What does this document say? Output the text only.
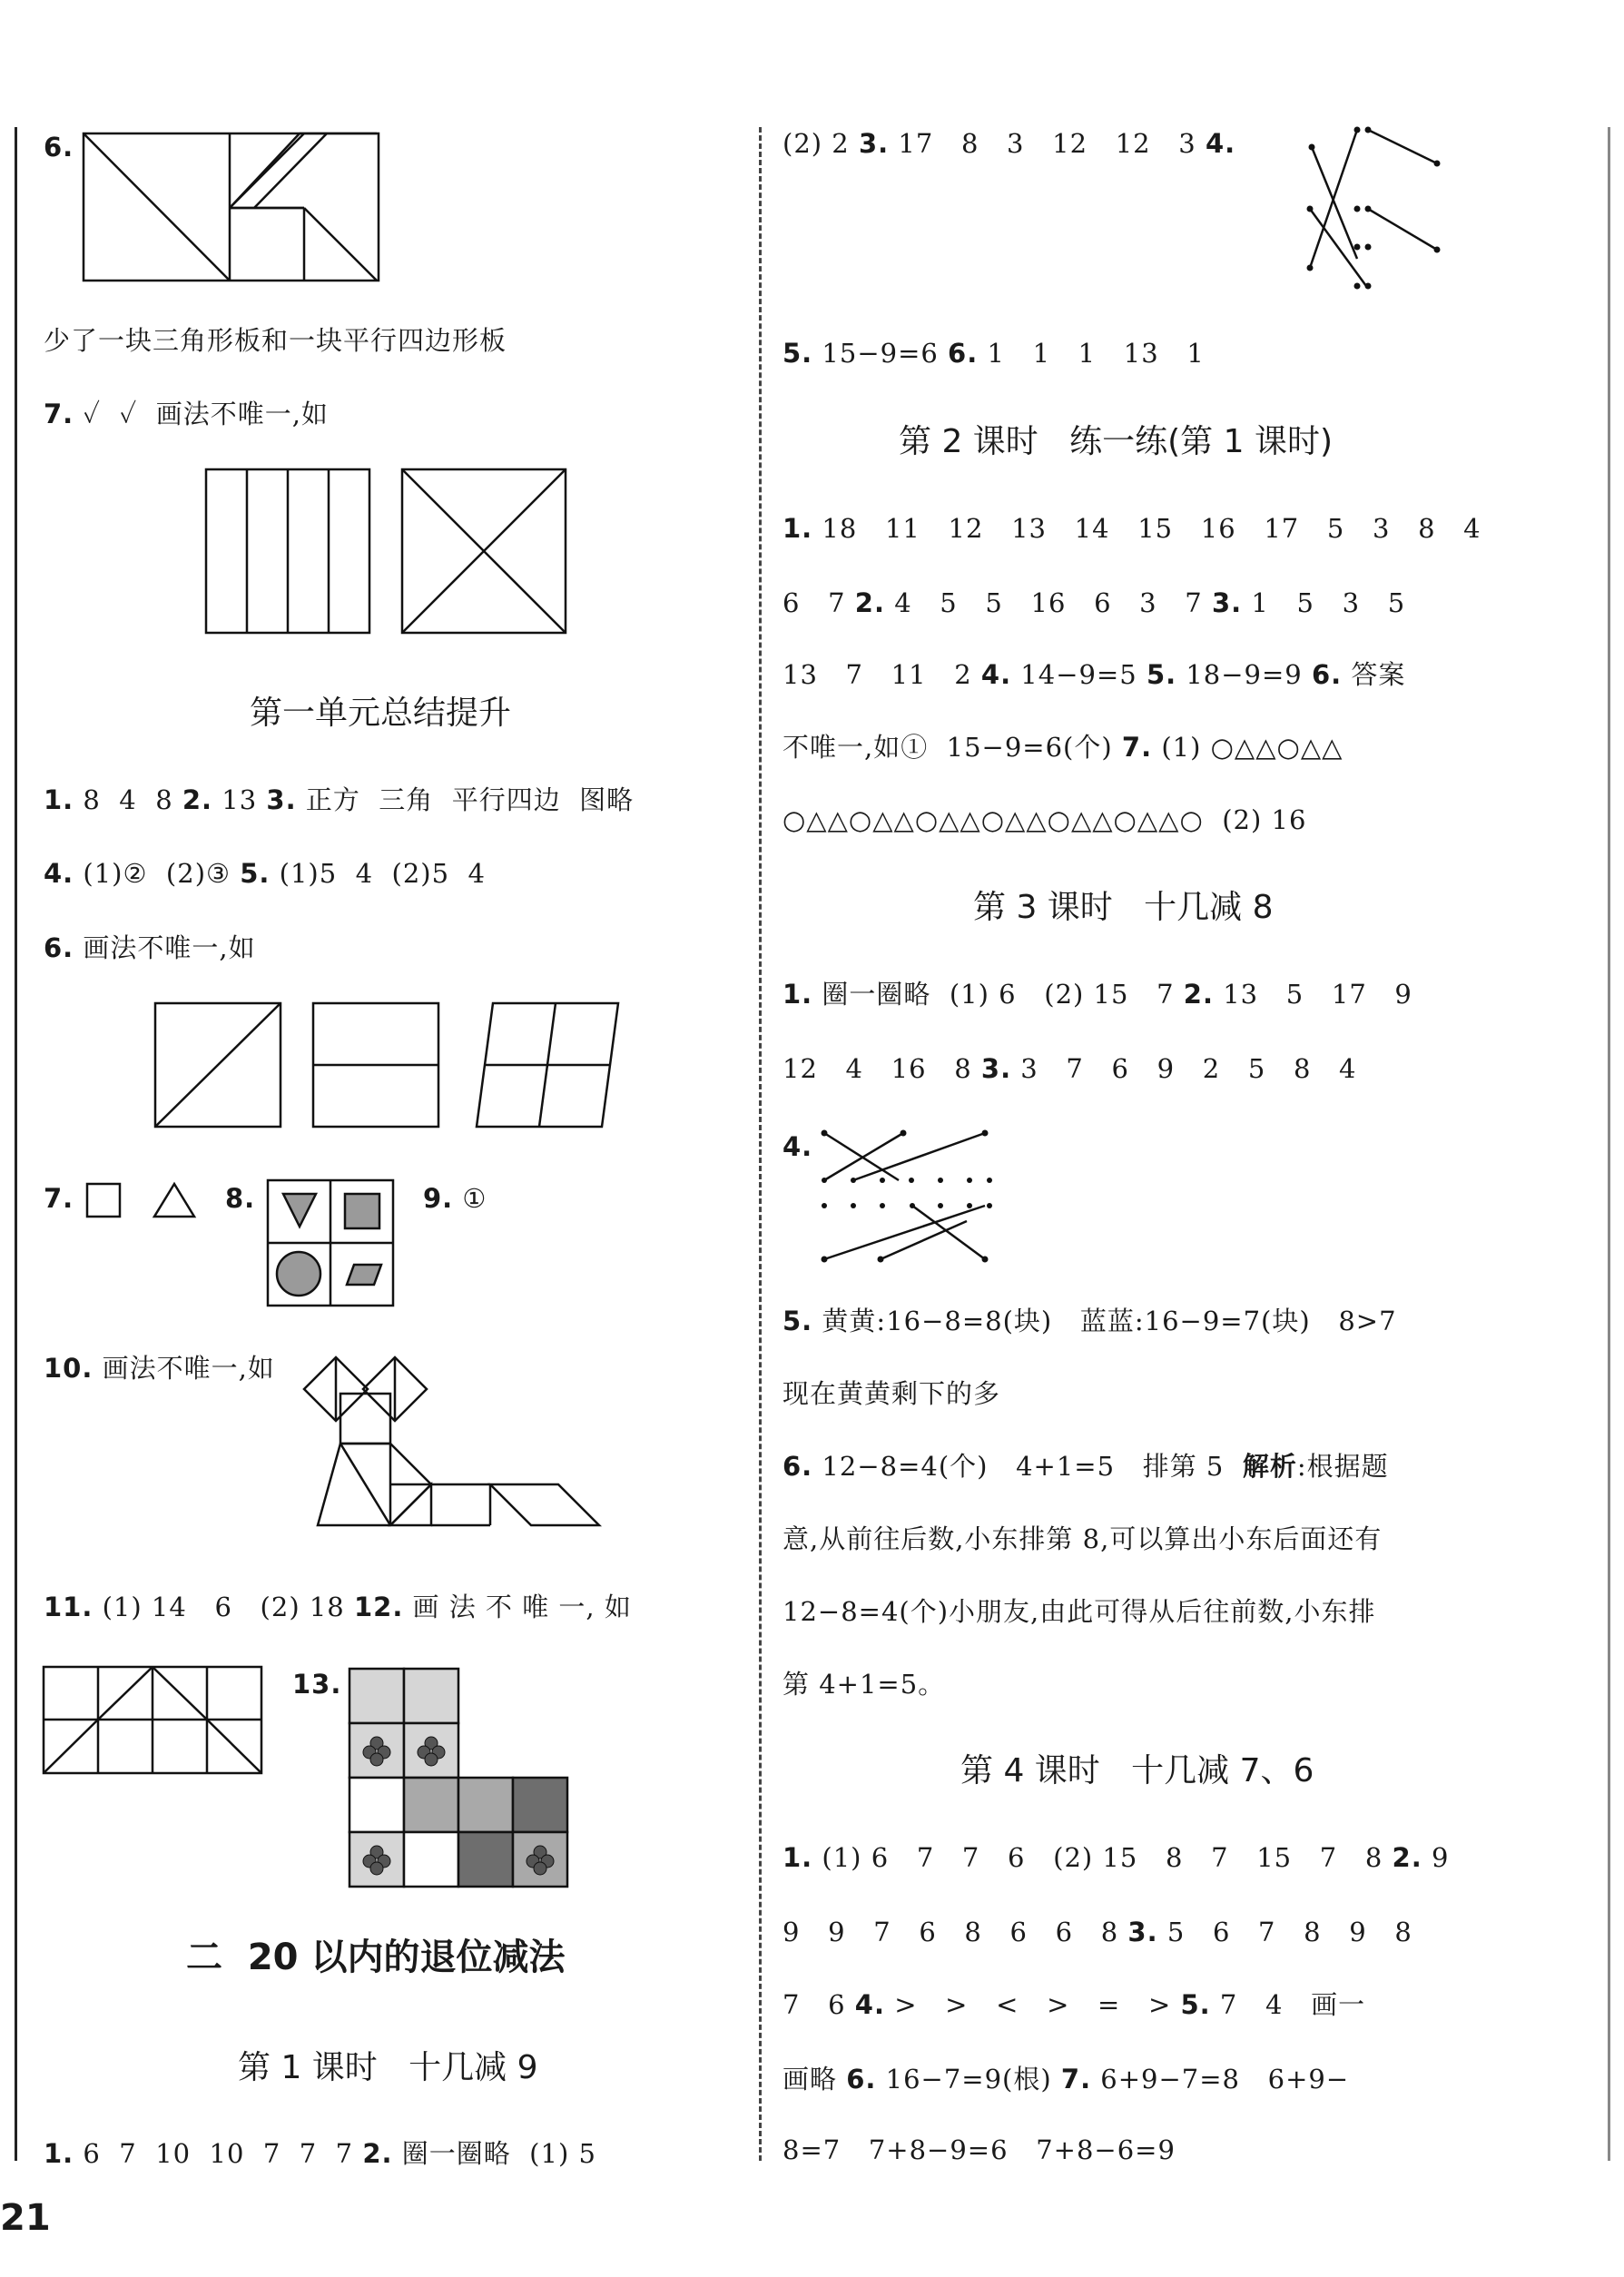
6.
少了一块三角形板和一块平行四边形板
7. ✓  ✓  画法不唯一,如
第一单元总结提升
1. 8  4  8 2. 13 3. 正方  三角  平行四边  图略
4. (1)②  (2)③ 5. (1)5  4  (2)5  4
6. 画法不唯一,如
7.	8.	9. ①
10. 画法不唯一,如
11. (1) 14   6   (2) 18 12. 画 法 不 唯 一, 如
13.
二  20 以内的退位减法
第 1 课时   十几减 9
1. 6  7  10  10  7  7  7 2. 圈一圈略  (1) 5
21
(2) 2 3. 17   8   3   12   12   3 4.
5. 15−9=6 6. 1   1   1   13   1
第 2 课时   练一练(第 1 课时)
1. 18   11   12   13   14   15   16   17   5   3   8   4
6   7 2. 4   5   5   16   6   3   7 3. 1   5   3   5
13   7   11   2 4. 14−9=5 5. 18−9=9 6. 答案
不唯一,如①  15−9=6(个) 7. (1) ○△△○△△
○△△○△△○△△○△△○△△○△△○  (2) 16
第 3 课时   十几减 8
1. 圈一圈略  (1) 6   (2) 15   7 2. 13   5   17   9
12   4   16   8 3. 3   7   6   9   2   5   8   4
4.
5. 黄黄:16−8=8(块)   蓝蓝:16−9=7(块)   8>7
现在黄黄剩下的多
6. 12−8=4(个)   4+1=5   排第 5  解析:根据题
意,从前往后数,小东排第 8,可以算出小东后面还有
12−8=4(个)小朋友,由此可得从后往前数,小东排
第 4+1=5。
第 4 课时   十几减 7、6
1. (1) 6   7   7   6   (2) 15   8   7   15   7   8 2. 9
9   9   7   6   8   6   6   8 3. 5   6   7   8   9   8
7   6 4. >   >   <   >   =   > 5. 7   4   画一
画略 6. 16−7=9(根) 7. 6+9−7=8   6+9−
8=7   7+8−9=6   7+8−6=9
